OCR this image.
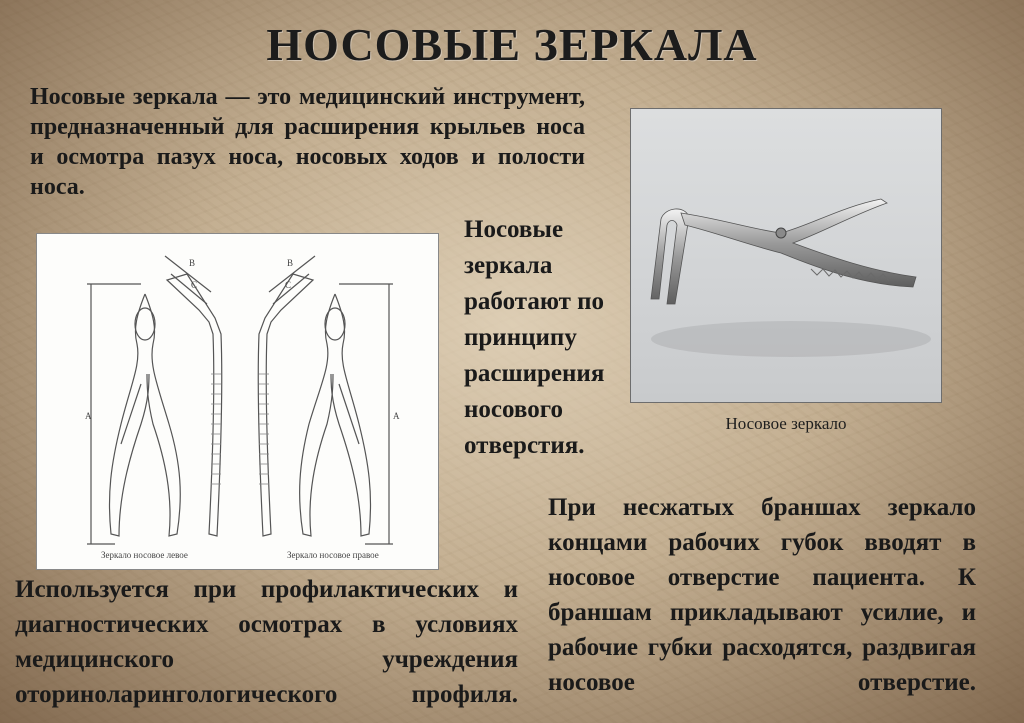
НОСОВЫЕ ЗЕРКАЛА
Носовые зеркала — это медицинский инструмент, предназначенный для расширения крыльев носа и осмотра пазух носа, носовых ходов и полости носа.
A	A
B	B
C	C
Зеркало носовое левое	Зеркало носовое правое
Носовые зеркала работают по принципу расширения носового отверстия.
Носовое зеркало
Используется при профилактических и диагностических осмотрах в условиях медицинского учреждения оториноларингологического профиля.
При несжатых браншах зеркало концами рабочих губок вводят в носовое отверстие пациента. К браншам прикладывают усилие, и рабочие губки расходятся, раздвигая носовое отверстие.
